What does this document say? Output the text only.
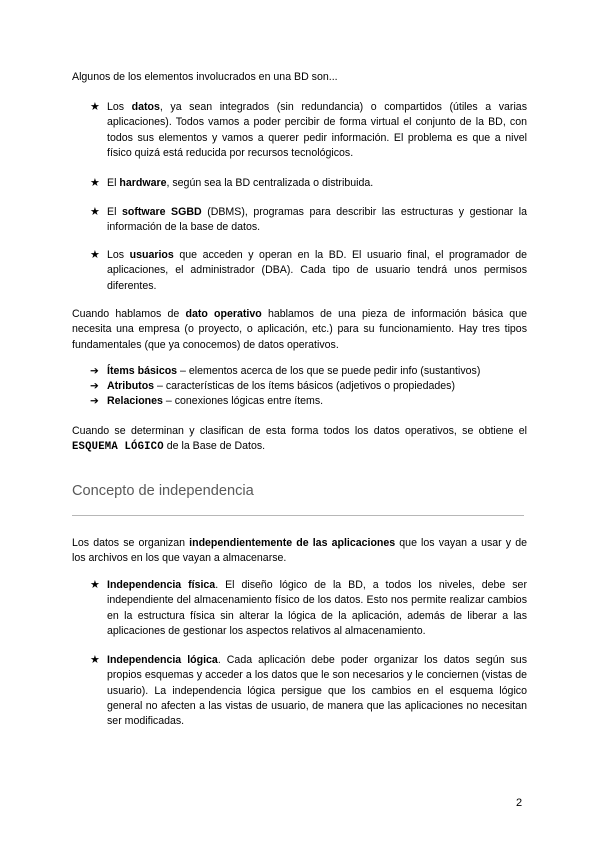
Algunos de los elementos involucrados en una BD son...

★ Los datos, ya sean integrados (sin redundancia) o compartidos (útiles a varias aplicaciones). Todos vamos a poder percibir de forma virtual el conjunto de la BD, con todos sus elementos y vamos a querer pedir información. El problema es que a nivel físico quizá está reducida por recursos tecnológicos.
★ El hardware, según sea la BD centralizada o distribuida.
★ El software SGBD (DBMS), programas para describir las estructuras y gestionar la información de la base de datos.
★ Los usuarios que acceden y operan en la BD. El usuario final, el programador de aplicaciones, el administrador (DBA). Cada tipo de usuario tendrá unos permisos diferentes.

Cuando hablamos de dato operativo hablamos de una pieza de información básica que necesita una empresa (o proyecto, o aplicación, etc.) para su funcionamiento. Hay tres tipos fundamentales (que ya conocemos) de datos operativos.

➔ Ítems básicos – elementos acerca de los que se puede pedir info (sustantivos)
➔ Atributos – características de los ítems básicos (adjetivos o propiedades)
➔ Relaciones – conexiones lógicas entre ítems.

Cuando se determinan y clasifican de esta forma todos los datos operativos, se obtiene el ESQUEMA LÓGICO de la Base de Datos.

Concepto de independencia

Los datos se organizan independientemente de las aplicaciones que los vayan a usar y de los archivos en los que vayan a almacenarse.

★ Independencia física. El diseño lógico de la BD, a todos los niveles, debe ser independiente del almacenamiento físico de los datos. Esto nos permite realizar cambios en la estructura física sin alterar la lógica de la aplicación, además de liberar a las aplicaciones de gestionar los aspectos relativos al almacenamiento.
★ Independencia lógica. Cada aplicación debe poder organizar los datos según sus propios esquemas y acceder a los datos que le son necesarios y le conciernen (vistas de usuario). La independencia lógica persigue que los cambios en el esquema lógico general no afecten a las vistas de usuario, de manera que las aplicaciones no necesitan ser modificadas.
2
